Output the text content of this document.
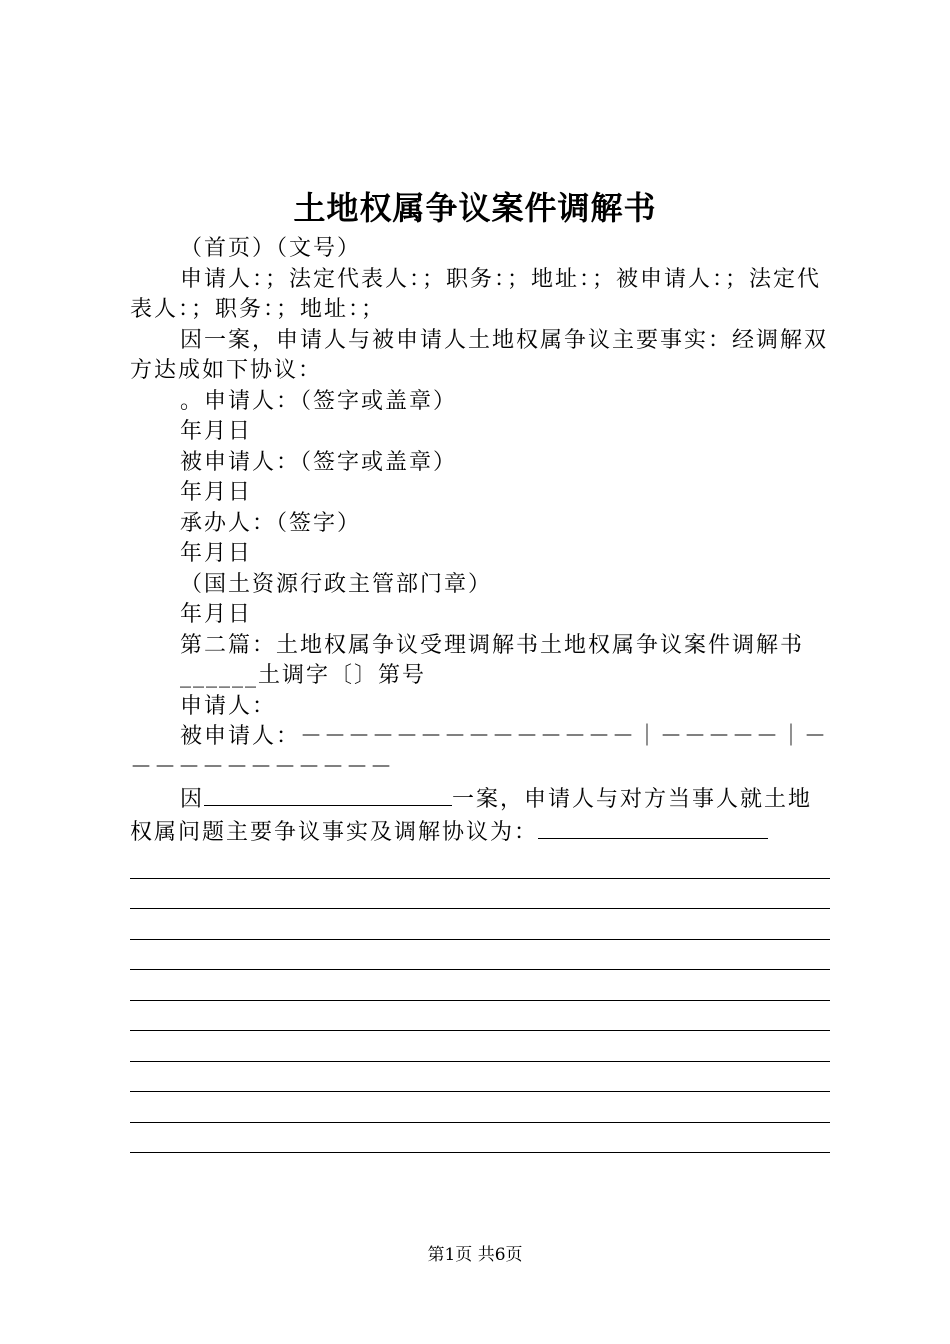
土地权属争议案件调解书

（首页）（文号）

申请人：；法定代表人：；职务：；地址：；被申请人：；法定代表人：；职务：；地址：；

因一案，申请人与被申请人土地权属争议主要事实：经调解双方达成如下协议：

。申请人：（签字或盖章）

年月日

被申请人：（签字或盖章）

年月日

承办人：（签字）

年月日

（国土资源行政主管部门章）

年月日

第二篇：土地权属争议受理调解书土地权属争议案件调解书

______土调字〔〕第号

申请人：

被申请人：－－－－－－－－－－－－－－｜－－－－－｜－－－－－－－－－－－－

因	一案，申请人与对方当事人就土地权属问题主要争议事实及调解协议为：

第1页 共6页
